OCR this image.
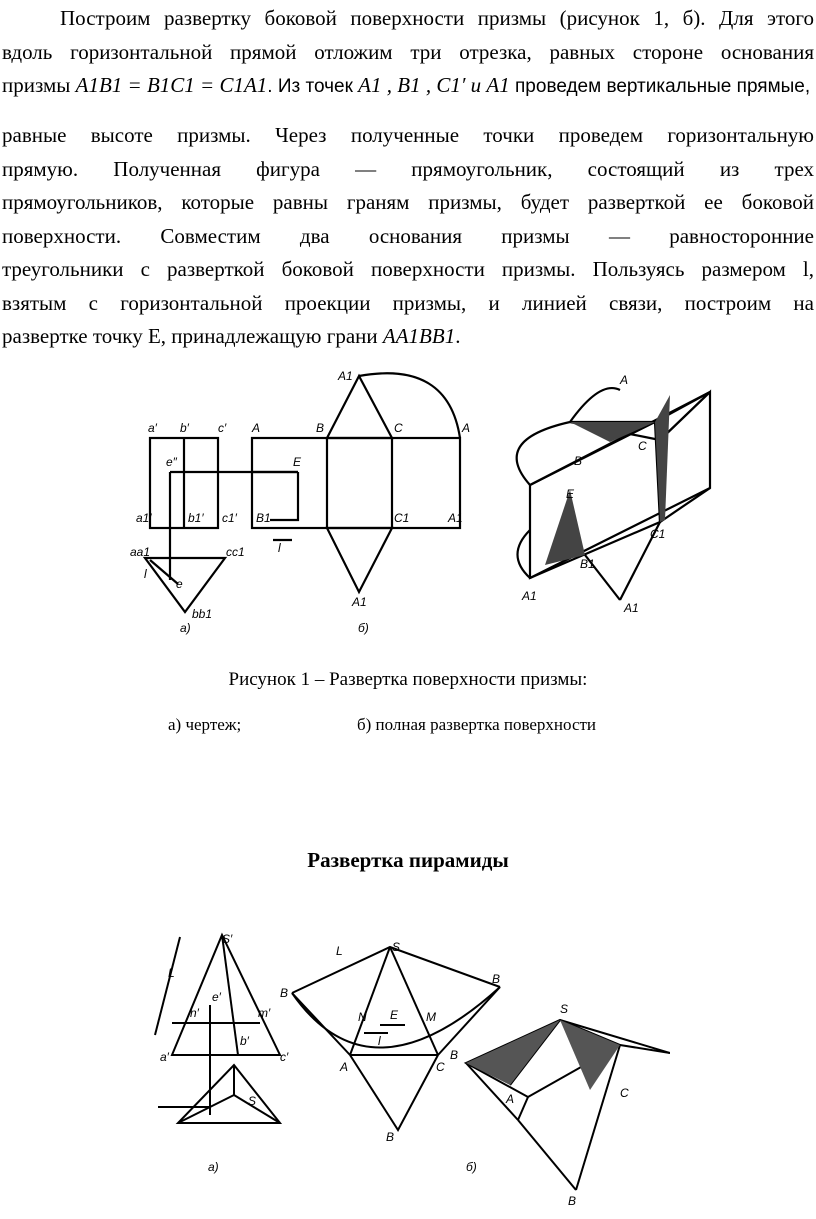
Построим развертку боковой поверхности призмы (рисунок 1, б). Для этого
вдоль горизонтальной прямой отложим три отрезка, равных стороне основания
призмы A1B1 = B1C1 = C1A1. Из точек A1 , B1 , C1′ и A1 проведем вертикальные прямые,
равные высоте призмы. Через полученные точки проведем горизонтальную
прямую. Полученная фигура — прямоугольник, состоящий из трех
прямоугольников, которые равны граням призмы, будет разверткой ее боковой
поверхности. Совместим два основания призмы — равносторонние
треугольники с разверткой боковой поверхности призмы. Пользуясь размером l,
взятым с горизонтальной проекции призмы, и линией связи, построим на
развертке точку Е, принадлежащую грани AA1BB1.
a′ b′ c′
e″
a1′	b1′ c1′
aa1	cc1
bb1
l
e
A	B	C	A
E
B1	C1	A1
A1
A1
l
а)	б)
A
B
C
E
C1
B1
A1
A1
Рисунок 1 – Развертка поверхности призмы:
а) чертеж;	б) полная развертка поверхности
Развертка пирамиды
S′
L
n′	m′
e′
b′
a′	c′
S
а)
S
L
B
B
N	M
E
l
A	C
B
б)
S
B
A	C
B
